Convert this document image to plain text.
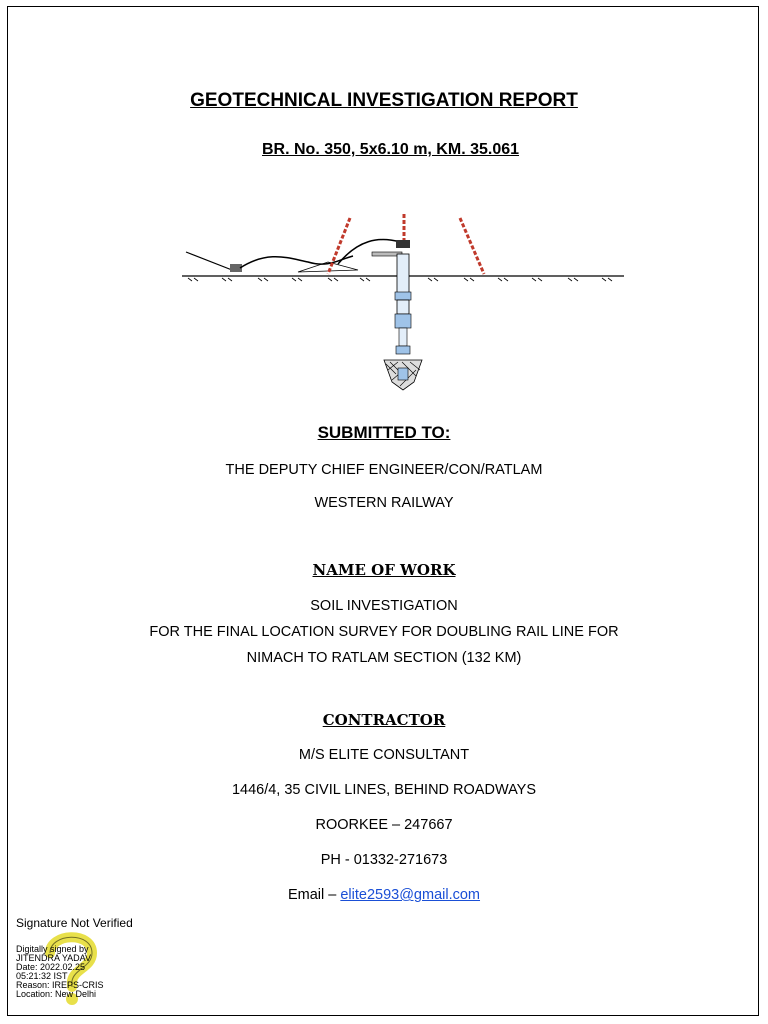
GEOTECHNICAL INVESTIGATION REPORT
BR. No. 350, 5x6.10 m, KM. 35.061
SUBMITTED TO:
THE DEPUTY CHIEF ENGINEER/CON/RATLAM
WESTERN RAILWAY
NAME OF WORK
SOIL INVESTIGATION
FOR THE FINAL LOCATION SURVEY FOR DOUBLING RAIL LINE FOR
NIMACH TO RATLAM SECTION (132 KM)
CONTRACTOR
M/S ELITE CONSULTANT
1446/4, 35 CIVIL LINES, BEHIND ROADWAYS
ROORKEE – 247667
PH - 01332-271673
Email – elite2593@gmail.com
Signature Not Verified
Digitally signed by
JITENDRA YADAV
Date: 2022.02.25
05:21:32 IST
Reason: IREPS-CRIS
Location: New Delhi
